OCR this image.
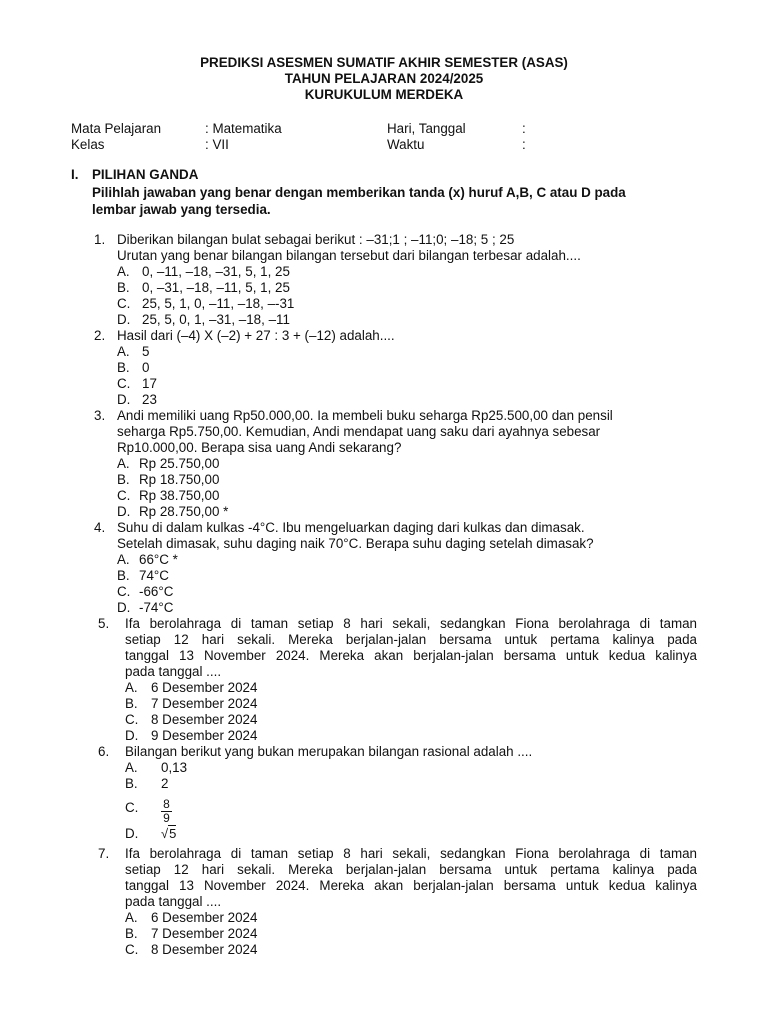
PREDIKSI ASESMEN SUMATIF AKHIR SEMESTER (ASAS)
TAHUN PELAJARAN 2024/2025
KURUKULUM MERDEKA
Mata Pelajaran	: Matematika	Hari, Tanggal	:
Kelas	: VII	Waktu	:
I. PILIHAN GANDA
Pilihlah jawaban yang benar dengan memberikan tanda (x) huruf A,B, C atau D pada
lembar jawab yang tersedia.
1. Diberikan bilangan bulat sebagai berikut : –31;1 ; –11;0; –18; 5 ; 25
Urutan yang benar bilangan bilangan tersebut dari bilangan terbesar adalah....
A. 0, –11, –18, –31, 5, 1, 25
B. 0, –31, –18, –11, 5, 1, 25
C. 25, 5, 1, 0, –11, –18, –-31
D. 25, 5, 0, 1, –31, –18, –11
2. Hasil dari (–4) X (–2) + 27 : 3 + (–12) adalah....
A. 5
B. 0
C. 17
D. 23
3. Andi memiliki uang Rp50.000,00. Ia membeli buku seharga Rp25.500,00 dan pensil
seharga Rp5.750,00. Kemudian, Andi mendapat uang saku dari ayahnya sebesar
Rp10.000,00. Berapa sisa uang Andi sekarang?
A. Rp 25.750,00
B. Rp 18.750,00
C. Rp 38.750,00
D. Rp 28.750,00 *
4. Suhu di dalam kulkas -4°C. Ibu mengeluarkan daging dari kulkas dan dimasak.
Setelah dimasak, suhu daging naik 70°C. Berapa suhu daging setelah dimasak?
A. 66°C *
B. 74°C
C. -66°C
D. -74°C
5. Ifa berolahraga di taman setiap 8 hari sekali, sedangkan Fiona berolahraga di taman
setiap 12 hari sekali. Mereka berjalan-jalan bersama untuk pertama kalinya pada
tanggal 13 November 2024. Mereka akan berjalan-jalan bersama untuk kedua kalinya
pada tanggal ....
A. 6 Desember 2024
B. 7 Desember 2024
C. 8 Desember 2024
D. 9 Desember 2024
6. Bilangan berikut yang bukan merupakan bilangan rasional adalah ....
A. 0,13
B. 2
C. $\frac{8}{9}$
D. √5
7. Ifa berolahraga di taman setiap 8 hari sekali, sedangkan Fiona berolahraga di taman
setiap 12 hari sekali. Mereka berjalan-jalan bersama untuk pertama kalinya pada
tanggal 13 November 2024. Mereka akan berjalan-jalan bersama untuk kedua kalinya
pada tanggal ....
A. 6 Desember 2024
B. 7 Desember 2024
C. 8 Desember 2024
